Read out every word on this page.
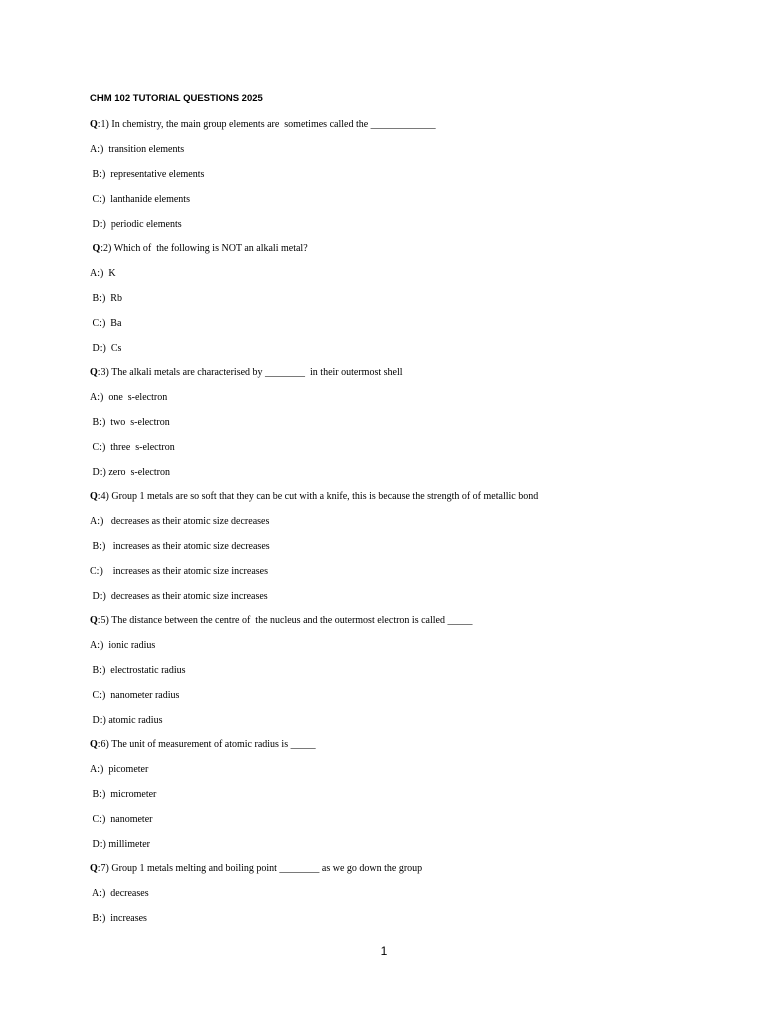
CHM 102 TUTORIAL QUESTIONS 2025
Q:1) In chemistry, the main group elements are  sometimes called the _____________
A:)  transition elements
B:)  representative elements
C:)  lanthanide elements
D:)  periodic elements
Q:2) Which of  the following is NOT an alkali metal?
A:)  K
B:)  Rb
C:)  Ba
D:)  Cs
Q:3) The alkali metals are characterised by ________  in their outermost shell
A:)  one  s-electron
B:)  two  s-electron
C:)  three  s-electron
D:) zero  s-electron
Q:4) Group 1 metals are so soft that they can be cut with a knife, this is because the strength of of metallic bond
A:)   decreases as their atomic size decreases
B:)   increases as their atomic size decreases
C:)    increases as their atomic size increases
D:)  decreases as their atomic size increases
Q:5) The distance between the centre of  the nucleus and the outermost electron is called _____
A:)  ionic radius
B:)  electrostatic radius
C:)  nanometer radius
D:) atomic radius
Q:6) The unit of measurement of atomic radius is _____
A:)  picometer
B:)  micrometer
C:)  nanometer
D:) millimeter
Q:7) Group 1 metals melting and boiling point ________ as we go down the group
A:)  decreases
B:)  increases
1
